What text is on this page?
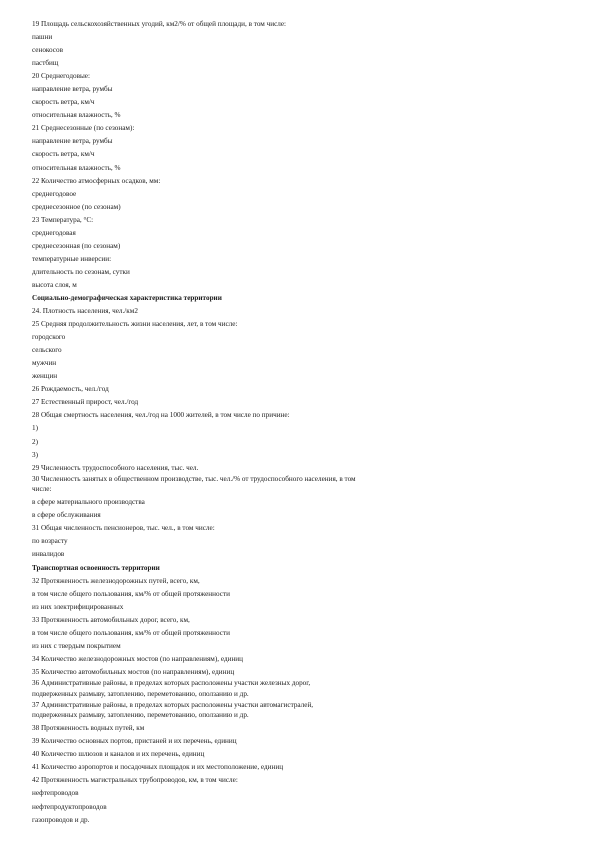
19 Площадь сельскохозяйственных угодий, км2/% от общей площади, в том числе:
пашни
сенокосов
пастбищ
20 Среднегодовые:
направление ветра, румбы
скорость ветра, км/ч
относительная влажность, %
21 Среднесезонные (по сезонам):
направление ветра, румбы
скорость ветра, км/ч
относительная влажность, %
22 Количество атмосферных осадков, мм:
среднегодовое
среднесезонное (по сезонам)
23 Температура, °С:
среднегодовая
среднесезонная (по сезонам)
температурные инверсии:
длительность по сезонам, сутки
высота слоя, м
Социально-демографическая характеристика территории
24. Плотность населения, чел./км2
25 Средняя продолжительность жизни населения, лет, в том числе:
городского
сельского
мужчин
женщин
26 Рождаемость, чел./год
27 Естественный прирост, чел./год
28 Общая смертность населения, чел./год на 1000 жителей, в том числе по причине:
1)
2)
3)
29 Численность трудоспособного населения, тыс. чел.
30 Численность занятых в общественном производстве, тыс. чел./% от трудоспособного населения, в том
числе:
в сфере материального производства
в сфере обслуживания
31 Общая численность пенсионеров, тыс. чел., в том числе:
по возрасту
инвалидов
Транспортная освоенность территории
32 Протяженность железнодорожных путей, всего, км,
в том числе общего пользования, км/% от общей протяженности
из них электрифицированных
33 Протяженность автомобильных дорог, всего, км,
в том числе общего пользования, км/% от общей протяженности
из них с твердым покрытием
34 Количество железнодорожных мостов (по направлениям), единиц
35 Количество автомобильных мостов (по направлениям), единиц
36 Административные районы, в пределах которых расположены участки железных дорог,
подверженных размыву, затоплению, переметованию, оползанию и др.
37 Административные районы, в пределах которых расположены участки автомагистралей,
подверженных размыву, затоплению, переметованию, оползанию и др.
38 Протяженность водных путей, км
39 Количество основных портов, пристаней и их перечень, единиц
40 Количество шлюзов и каналов и их перечень, единиц
41 Количество аэропортов и посадочных площадок и их местоположение, единиц
42 Протяженность магистральных трубопроводов, км, в том числе:
нефтепроводов
нефтепродуктопроводов
газопроводов и др.
